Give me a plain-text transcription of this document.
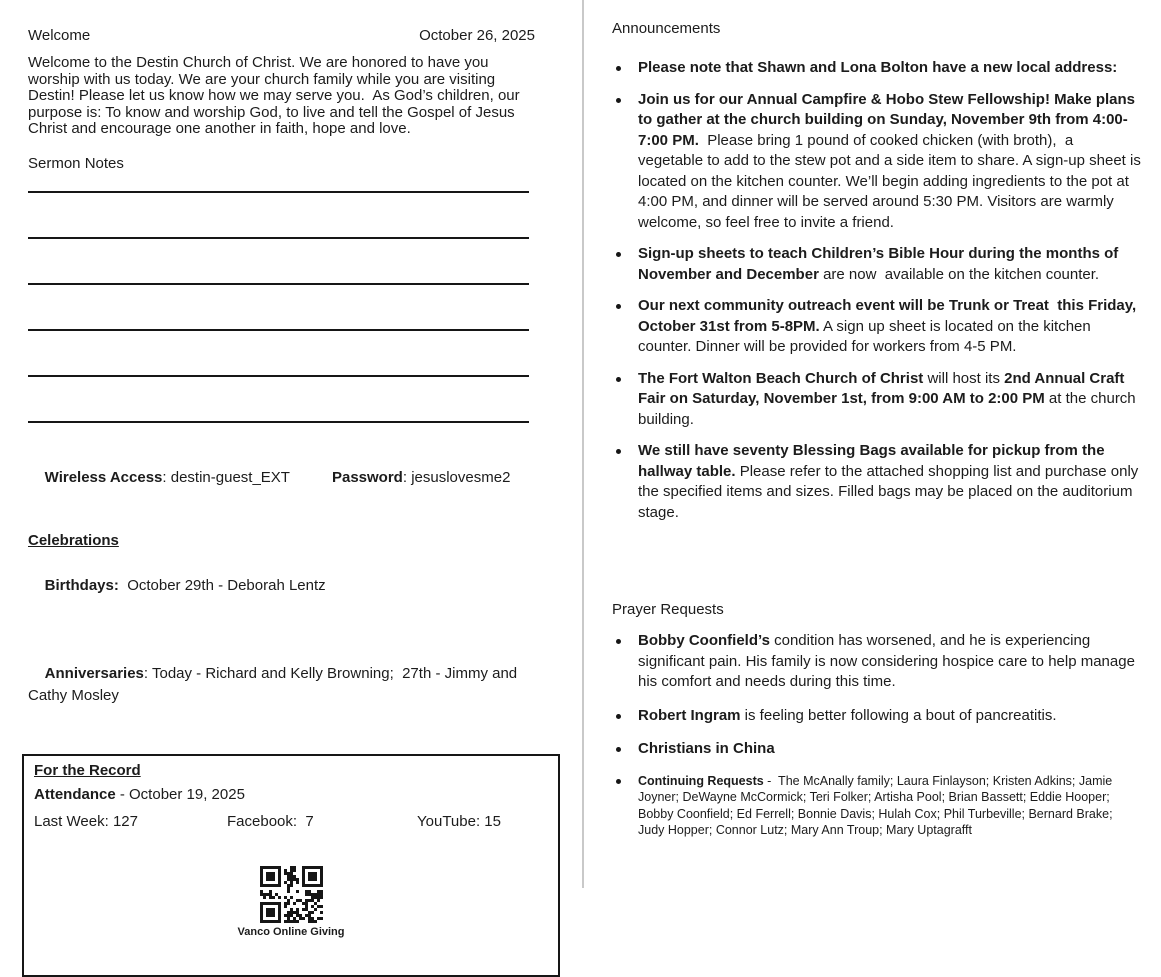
Welcome	October 26, 2025

Welcome to the Destin Church of Christ. We are honored to have you worship with us today. We are your church family while you are visiting Destin! Please let us know how we may serve you.  As God’s children, our purpose is: To know and worship God, to live and tell the Gospel of Jesus Christ and encourage one another in faith, hope and love.

Sermon Notes

Wireless Access: destin-guest_EXT	Password: jesuslovesme2

Celebrations

Birthdays:  October 29th - Deborah Lentz

Anniversaries: Today - Richard and Kelly Browning;  27th - Jimmy and Cathy Mosley

For the Record
Attendance - October 19, 2025
Last Week: 127	Facebook: 7	YouTube: 15
Vanco Online Giving
Announcements
Please note that Shawn and Lona Bolton have a new local address:
Join us for our Annual Campfire & Hobo Stew Fellowship! Make plans to gather at the church building on Sunday, November 9th from 4:00-7:00 PM.  Please bring 1 pound of cooked chicken (with broth),  a vegetable to add to the stew pot and a side item to share. A sign-up sheet is located on the kitchen counter. We’ll begin adding ingredients to the pot at 4:00 PM, and dinner will be served around 5:30 PM. Visitors are warmly welcome, so feel free to invite a friend.
Sign-up sheets to teach Children’s Bible Hour during the months of November and December are now  available on the kitchen counter.
Our next community outreach event will be Trunk or Treat  this Friday, October 31st from 5-8PM. A sign up sheet is located on the kitchen counter. Dinner will be provided for workers from 4-5 PM.
The Fort Walton Beach Church of Christ will host its 2nd Annual Craft Fair on Saturday, November 1st, from 9:00 AM to 2:00 PM at the church building.
We still have seventy Blessing Bags available for pickup from the hallway table. Please refer to the attached shopping list and purchase only the specified items and sizes. Filled bags may be placed on the auditorium stage.
Prayer Requests
Bobby Coonfield’s condition has worsened, and he is experiencing significant pain. His family is now considering hospice care to help manage his comfort and needs during this time.
Robert Ingram is feeling better following a bout of pancreatitis.
Christians in China
Continuing Requests -  The McAnally family; Laura Finlayson; Kristen Adkins; Jamie Joyner; DeWayne McCormick; Teri Folker; Artisha Pool; Brian Bassett; Eddie Hooper; Bobby Coonfield; Ed Ferrell; Bonnie Davis; Hulah Cox; Phil Turbeville; Bernard Brake; Judy Hopper; Connor Lutz; Mary Ann Troup; Mary Uptagrafft
